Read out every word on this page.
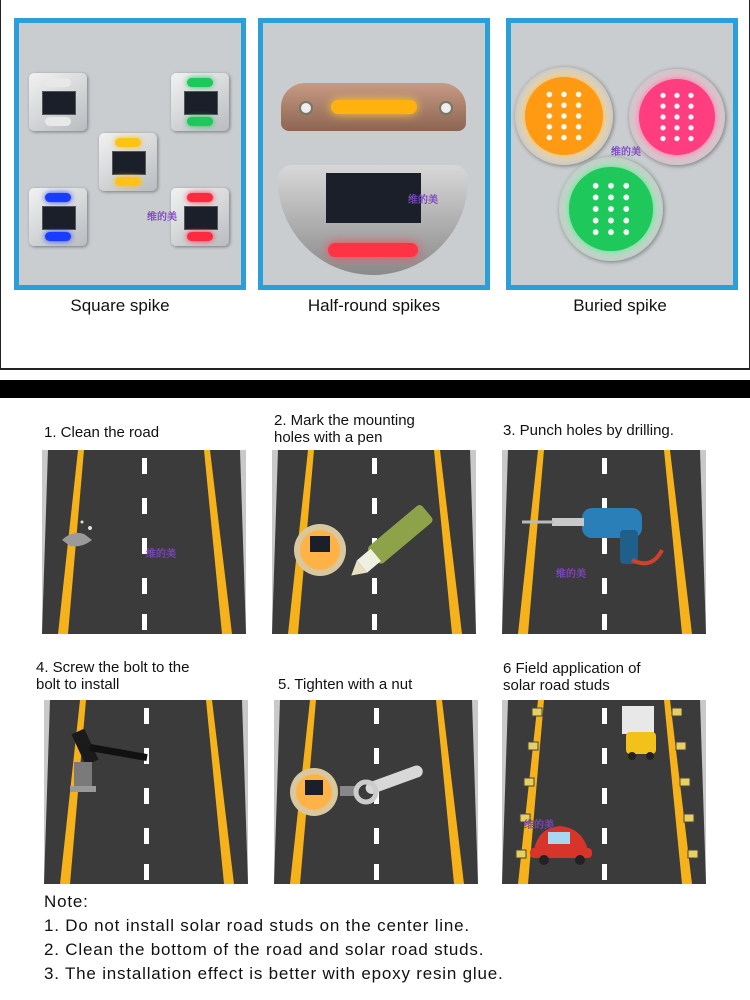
维的美
Square spike
维的美
Half-round spikes
维的美
Buried spike
1. Clean the road
维的美
2. Mark the mounting
holes with a pen	3. Punch holes by drilling.
维的美
4. Screw the bolt to the
bolt to install	5. Tighten with a nut
6 Field application of
solar road studs
维的美
Note:
1. Do not install solar road studs on the center line.
2. Clean the bottom of the road and solar road studs.
3. The installation effect is better with epoxy resin glue.
